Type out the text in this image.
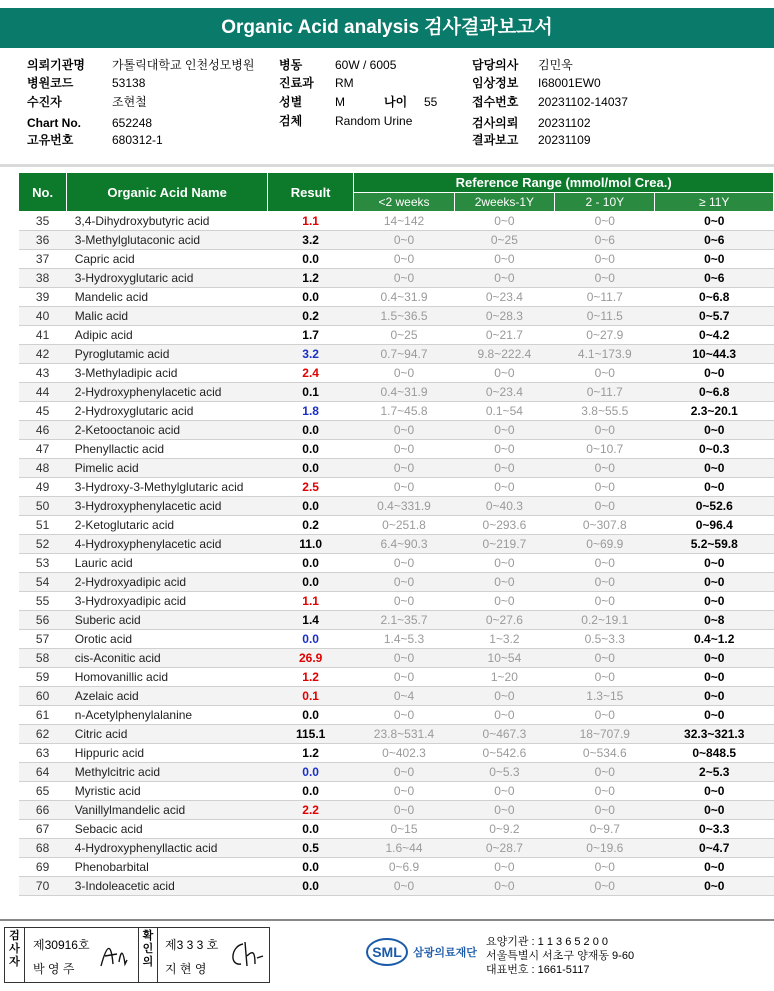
Organic Acid analysis 검사결과보고서
의뢰기관명 가톨릭대학교 인천성모병원
병원코드	53138
수진자	조현철
Chart No.	652248
고유번호	680312-1
병동	60W / 6005
진료과 RM
성별	M	나이 55
검체	Random Urine
담당의사 김민욱
임상정보 I68001EW0
접수번호 20231102-14037
검사의뢰 20231102
결과보고 20231109
No.	Organic Acid Name	Result	Reference Range (mmol/mol Crea.)			
			<2 weeks	2weeks-1Y	2 - 10Y	≥ 11Y
35	3,4-Dihydroxybutyric acid	1.1	14~142	0~0	0~0	0~0
36	3-Methylglutaconic acid	3.2	0~0	0~25	0~6	0~6
37	Capric acid	0.0	0~0	0~0	0~0	0~0
38	3-Hydroxyglutaric acid	1.2	0~0	0~0	0~0	0~6
39	Mandelic acid	0.0	0.4~31.9	0~23.4	0~11.7	0~6.8
40	Malic acid	0.2	1.5~36.5	0~28.3	0~11.5	0~5.7
41	Adipic acid	1.7	0~25	0~21.7	0~27.9	0~4.2
42	Pyroglutamic acid	3.2	0.7~94.7	9.8~222.4	4.1~173.9	10~44.3
43	3-Methyladipic acid	2.4	0~0	0~0	0~0	0~0
44	2-Hydroxyphenylacetic acid	0.1	0.4~31.9	0~23.4	0~11.7	0~6.8
45	2-Hydroxyglutaric acid	1.8	1.7~45.8	0.1~54	3.8~55.5	2.3~20.1
46	2-Ketooctanoic acid	0.0	0~0	0~0	0~0	0~0
47	Phenyllactic acid	0.0	0~0	0~0	0~10.7	0~0.3
48	Pimelic acid	0.0	0~0	0~0	0~0	0~0
49	3-Hydroxy-3-Methylglutaric acid	2.5	0~0	0~0	0~0	0~0
50	3-Hydroxyphenylacetic acid	0.0	0.4~331.9	0~40.3	0~0	0~52.6
51	2-Ketoglutaric acid	0.2	0~251.8	0~293.6	0~307.8	0~96.4
52	4-Hydroxyphenylacetic acid	11.0	6.4~90.3	0~219.7	0~69.9	5.2~59.8
53	Lauric acid	0.0	0~0	0~0	0~0	0~0
54	2-Hydroxyadipic acid	0.0	0~0	0~0	0~0	0~0
55	3-Hydroxyadipic acid	1.1	0~0	0~0	0~0	0~0
56	Suberic acid	1.4	2.1~35.7	0~27.6	0.2~19.1	0~8
57	Orotic acid	0.0	1.4~5.3	1~3.2	0.5~3.3	0.4~1.2
58	cis-Aconitic acid	26.9	0~0	10~54	0~0	0~0
59	Homovanillic acid	1.2	0~0	1~20	0~0	0~0
60	Azelaic acid	0.1	0~4	0~0	1.3~15	0~0
61	n-Acetylphenylalanine	0.0	0~0	0~0	0~0	0~0
62	Citric acid	115.1	23.8~531.4	0~467.3	18~707.9	32.3~321.3
63	Hippuric acid	1.2	0~402.3	0~542.6	0~534.6	0~848.5
64	Methylcitric acid	0.0	0~0	0~5.3	0~0	2~5.3
65	Myristic acid	0.0	0~0	0~0	0~0	0~0
66	Vanillylmandelic acid	2.2	0~0	0~0	0~0	0~0
67	Sebacic acid	0.0	0~15	0~9.2	0~9.7	0~3.3
68	4-Hydroxyphenyllactic acid	0.5	1.6~44	0~28.7	0~19.6	0~4.7
69	Phenobarbital	0.0	0~6.9	0~0	0~0	0~0
70	3-Indoleacetic acid	0.0	0~0	0~0	0~0	0~0
검사자
제30916호
박 영 주
확인의
제3 3 3 호
지 현 영
SML 삼광의료재단
요양기관 : 1 1 3 6 5 2 0 0
서울특별시 서초구 양재동 9-60
대표번호 : 1661-5117
